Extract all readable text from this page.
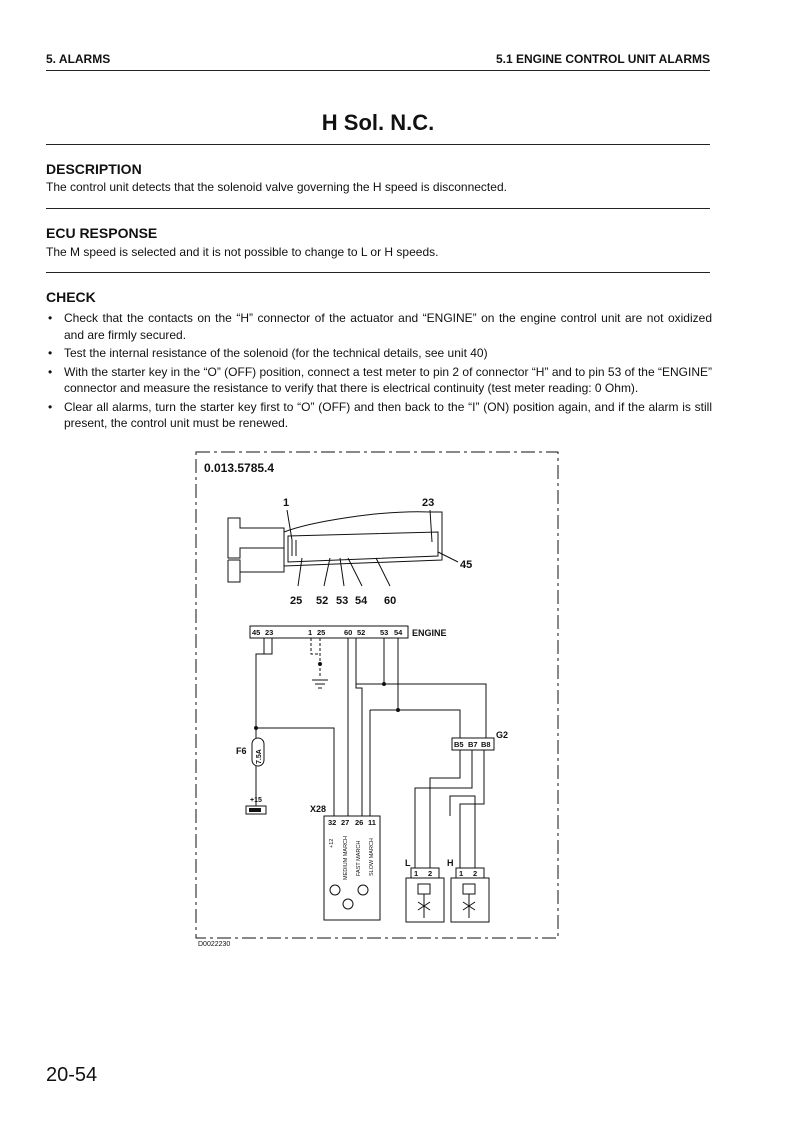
5. ALARMS	5.1 ENGINE CONTROL UNIT ALARMS
H Sol. N.C.
DESCRIPTION
The control unit detects that the solenoid valve governing the H speed is disconnected.
ECU RESPONSE
The M speed is selected and it is not possible to change to L or H speeds.
CHECK
• Check that the contacts on the “H” connector of the actuator and “ENGINE” on the engine control unit are not oxidized and are firmly secured.
• Test the internal resistance of the solenoid (for the technical details, see unit 40)
• With the starter key in the “O” (OFF) position, connect a test meter to pin 2 of connector “H” and to pin 53 of the “ENGINE” connector and measure the resistance to verify that there is electrical continuity (test meter reading: 0 Ohm).
• Clear all alarms, turn the starter key first to “O” (OFF) and then back to the “I” (ON) position again, and if the alarm is still present, the control unit must be renewed.
0.013.5785.4
1	23
45
25 52 53 54 60
45 23	1 25 60 52 53 54 ENGINE
B5 B7 B8
G2
F6 7.5A
+15
X28
32 27 26 11
L
1 2
H
1 2
+12 MEDIUM MARCH FAST MARCH SLOW MARCH
D0022230
20-54
